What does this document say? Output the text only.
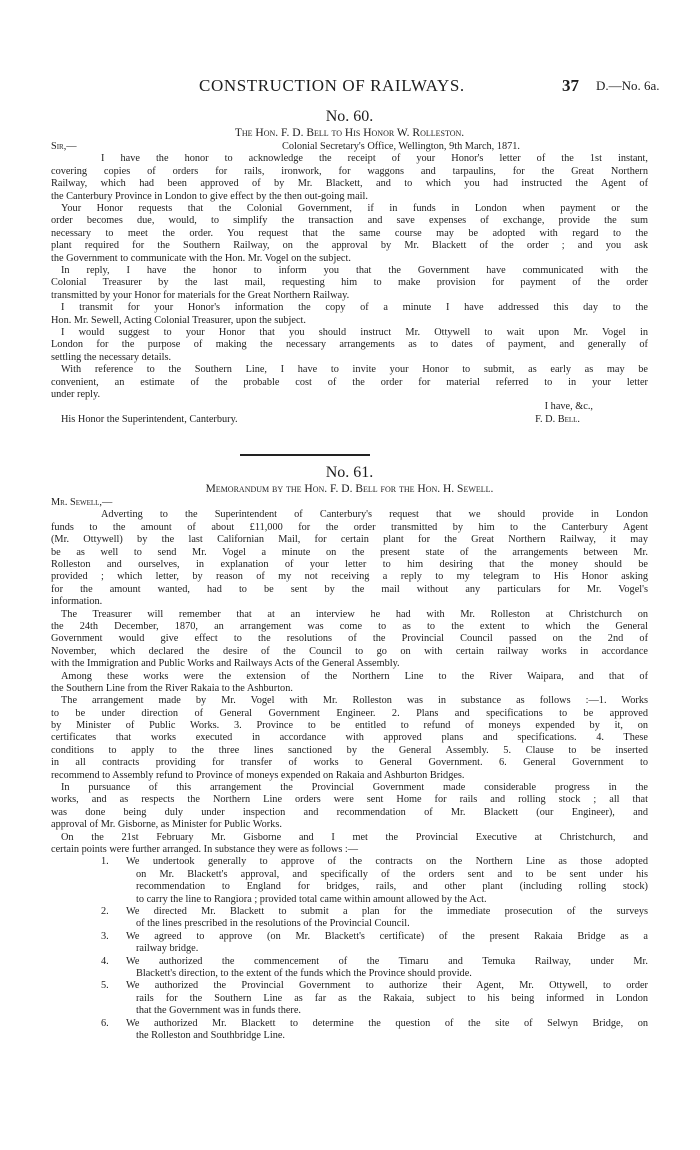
CONSTRUCTION OF RAILWAYS.	37 D.—No. 6a.

No. 60.

The Hon. F. D. Bell to His Honor W. Rolleston.

Sir,—	Colonial Secretary's Office, Wellington, 9th March, 1871.
I have the honor to acknowledge the receipt of your Honor's letter of the 1st instant,
covering copies of orders for rails, ironwork, for waggons and tarpaulins, for the Great Northern
Railway, which had been approved of by Mr. Blackett, and to which you had instructed the Agent of
the Canterbury Province in London to give effect by the then out-going mail.
Your Honor requests that the Colonial Government, if in funds in London when payment or the
order becomes due, would, to simplify the transaction and save expenses of exchange, provide the sum
necessary to meet the order. You request that the same course may be adopted with regard to the
plant required for the Southern Railway, on the approval by Mr. Blackett of the order ; and you ask
the Government to communicate with the Hon. Mr. Vogel on the subject.
In reply, I have the honor to inform you that the Government have communicated with the
Colonial Treasurer by the last mail, requesting him to make provision for payment of the order
transmitted by your Honor for materials for the Great Northern Railway.
I transmit for your Honor's information the copy of a minute I have addressed this day to the
Hon. Mr. Sewell, Acting Colonial Treasurer, upon the subject.
I would suggest to your Honor that you should instruct Mr. Ottywell to wait upon Mr. Vogel in
London for the purpose of making the necessary arrangements as to dates of payment, and generally of
settling the necessary details.
With reference to the Southern Line, I have to invite your Honor to submit, as early as may be
convenient, an estimate of the probable cost of the order for material referred to in your letter
under reply.
I have, &c.,
His Honor the Superintendent, Canterbury.	F. D. Bell.

No. 61.

Memorandum by the Hon. F. D. Bell for the Hon. H. Sewell.

Mr. Sewell,—
Adverting to the Superintendent of Canterbury's request that we should provide in London
funds to the amount of about £11,000 for the order transmitted by him to the Canterbury Agent
(Mr. Ottywell) by the last Californian Mail, for certain plant for the Great Northern Railway, it may
be as well to send Mr. Vogel a minute on the present state of the arrangements between Mr.
Rolleston and ourselves, in explanation of your letter to him desiring that the money should be
provided ; which letter, by reason of my not receiving a reply to my telegram to His Honor asking
for the amount wanted, had to be sent by the mail without any particulars for Mr. Vogel's
information.
The Treasurer will remember that at an interview he had with Mr. Rolleston at Christchurch on
the 24th December, 1870, an arrangement was come to as to the extent to which the General
Government would give effect to the resolutions of the Provincial Council passed on the 2nd of
November, which declared the desire of the Council to go on with certain railway works in accordance
with the Immigration and Public Works and Railways Acts of the General Assembly.
Among these works were the extension of the Northern Line to the River Waipara, and that of
the Southern Line from the River Rakaia to the Ashburton.
The arrangement made by Mr. Vogel with Mr. Rolleston was in substance as follows :—1. Works
to be under direction of General Government Engineer. 2. Plans and specifications to be approved
by Minister of Public Works. 3. Province to be entitled to refund of moneys expended by it, on
certificates that works executed in accordance with approved plans and specifications. 4. These
conditions to apply to the three lines sanctioned by the General Assembly. 5. Clause to be inserted
in all contracts providing for transfer of works to General Government. 6. General Government to
recommend to Assembly refund to Province of moneys expended on Rakaia and Ashburton Bridges.
In pursuance of this arrangement the Provincial Government made considerable progress in the
works, and as respects the Northern Line orders were sent Home for rails and rolling stock ; all that
was done being duly under inspection and recommendation of Mr. Blackett (our Engineer), and
approval of Mr. Gisborne, as Minister for Public Works.
On the 21st February Mr. Gisborne and I met the Provincial Executive at Christchurch, and
certain points were further arranged. In substance they were as follows :—
1. We undertook generally to approve of the contracts on the Northern Line as those adopted
on Mr. Blackett's approval, and specifically of the orders sent and to be sent under his
recommendation to England for bridges, rails, and other plant (including rolling stock)
to carry the line to Rangiora ; provided total came within amount allowed by the Act.
2. We directed Mr. Blackett to submit a plan for the immediate prosecution of the surveys
of the lines prescribed in the resolutions of the Provincial Council.
3. We agreed to approve (on Mr. Blackett's certificate) of the present Rakaia Bridge as a
railway bridge.
4. We authorized the commencement of the Timaru and Temuka Railway, under Mr.
Blackett's direction, to the extent of the funds which the Province should provide.
5. We authorized the Provincial Government to authorize their Agent, Mr. Ottywell, to order
rails for the Southern Line as far as the Rakaia, subject to his being informed in London
that the Government was in funds there.
6. We authorized Mr. Blackett to determine the question of the site of Selwyn Bridge, on
the Rolleston and Southbridge Line.
